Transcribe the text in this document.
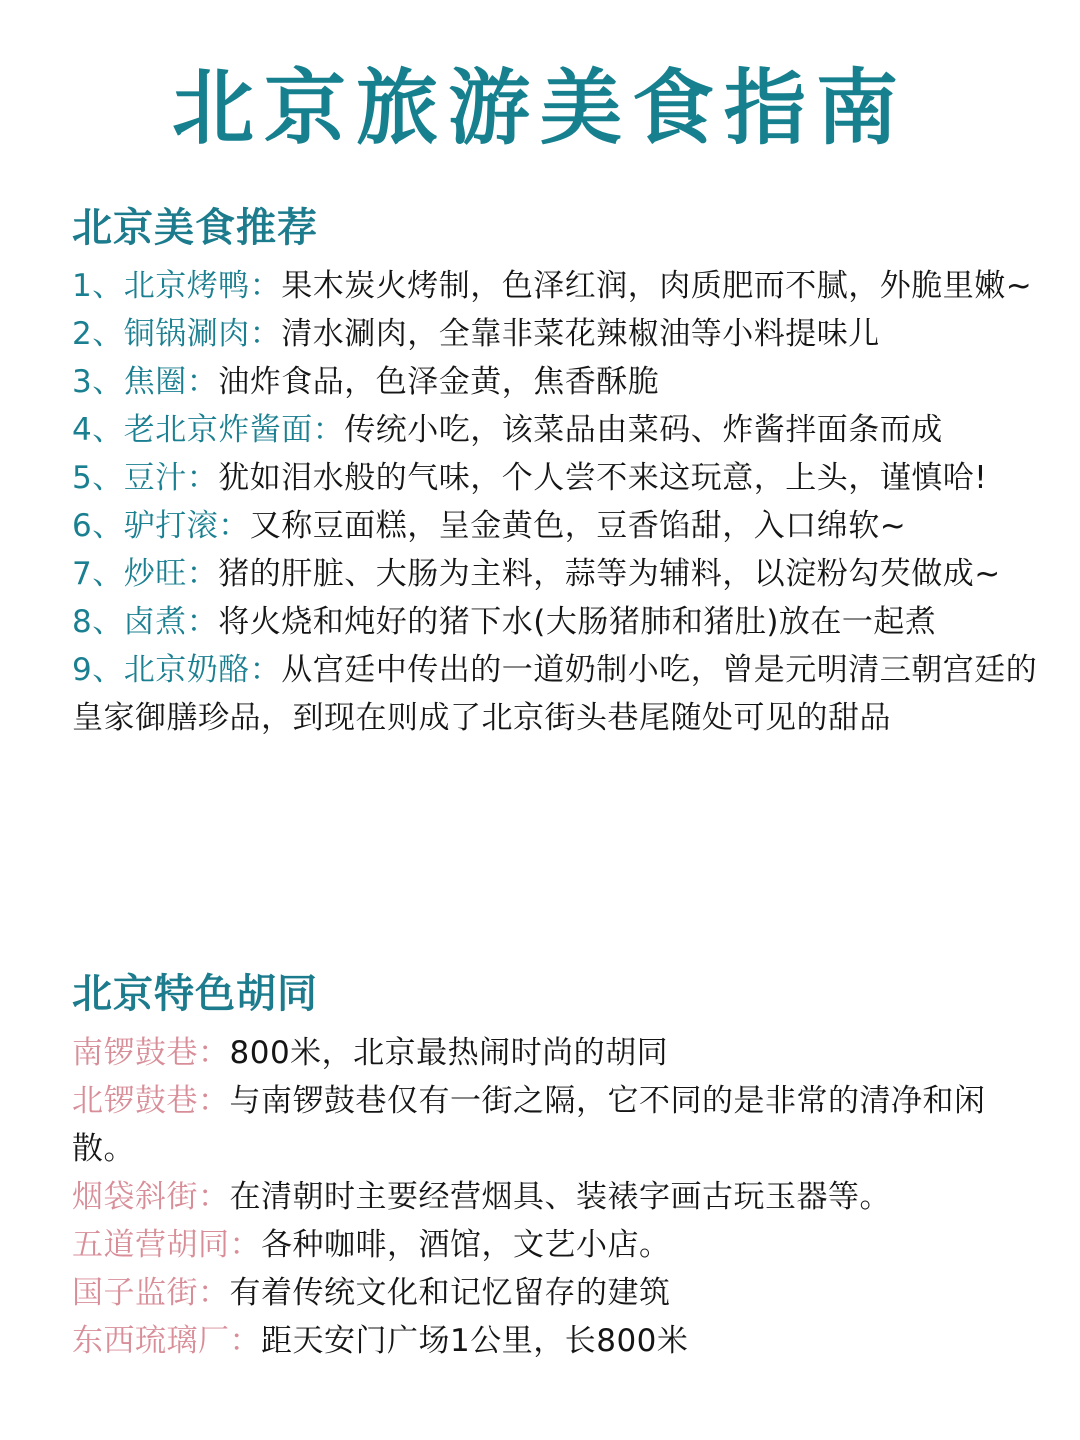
北京旅游美食指南
北京美食推荐
1、北京烤鸭：果木炭火烤制，色泽红润，肉质肥而不腻，外脆里嫩~
2、铜锅涮肉：清水涮肉，全靠非菜花辣椒油等小料提味儿
3、焦圈：油炸食品，色泽金黄，焦香酥脆
4、老北京炸酱面：传统小吃，该菜品由菜码、炸酱拌面条而成
5、豆汁：犹如泪水般的气味，个人尝不来这玩意，上头，谨慎哈!
6、驴打滚：又称豆面糕，呈金黄色，豆香馅甜，入口绵软~
7、炒旺：猪的肝脏、大肠为主料，蒜等为辅料，以淀粉勾芡做成~
8、卤煮：将火烧和炖好的猪下水(大肠猪肺和猪肚)放在一起煮
9、北京奶酪：从宫廷中传出的一道奶制小吃，曾是元明清三朝宫廷的皇家御膳珍品，到现在则成了北京街头巷尾随处可见的甜品
北京特色胡同
南锣鼓巷：800米，北京最热闹时尚的胡同
北锣鼓巷：与南锣鼓巷仅有一街之隔，它不同的是非常的清净和闲散。
烟袋斜街：在清朝时主要经营烟具、装裱字画古玩玉器等。
五道营胡同：各种咖啡，酒馆，文艺小店。
国子监街：有着传统文化和记忆留存的建筑
东西琉璃厂：距天安门广场1公里，长800米
